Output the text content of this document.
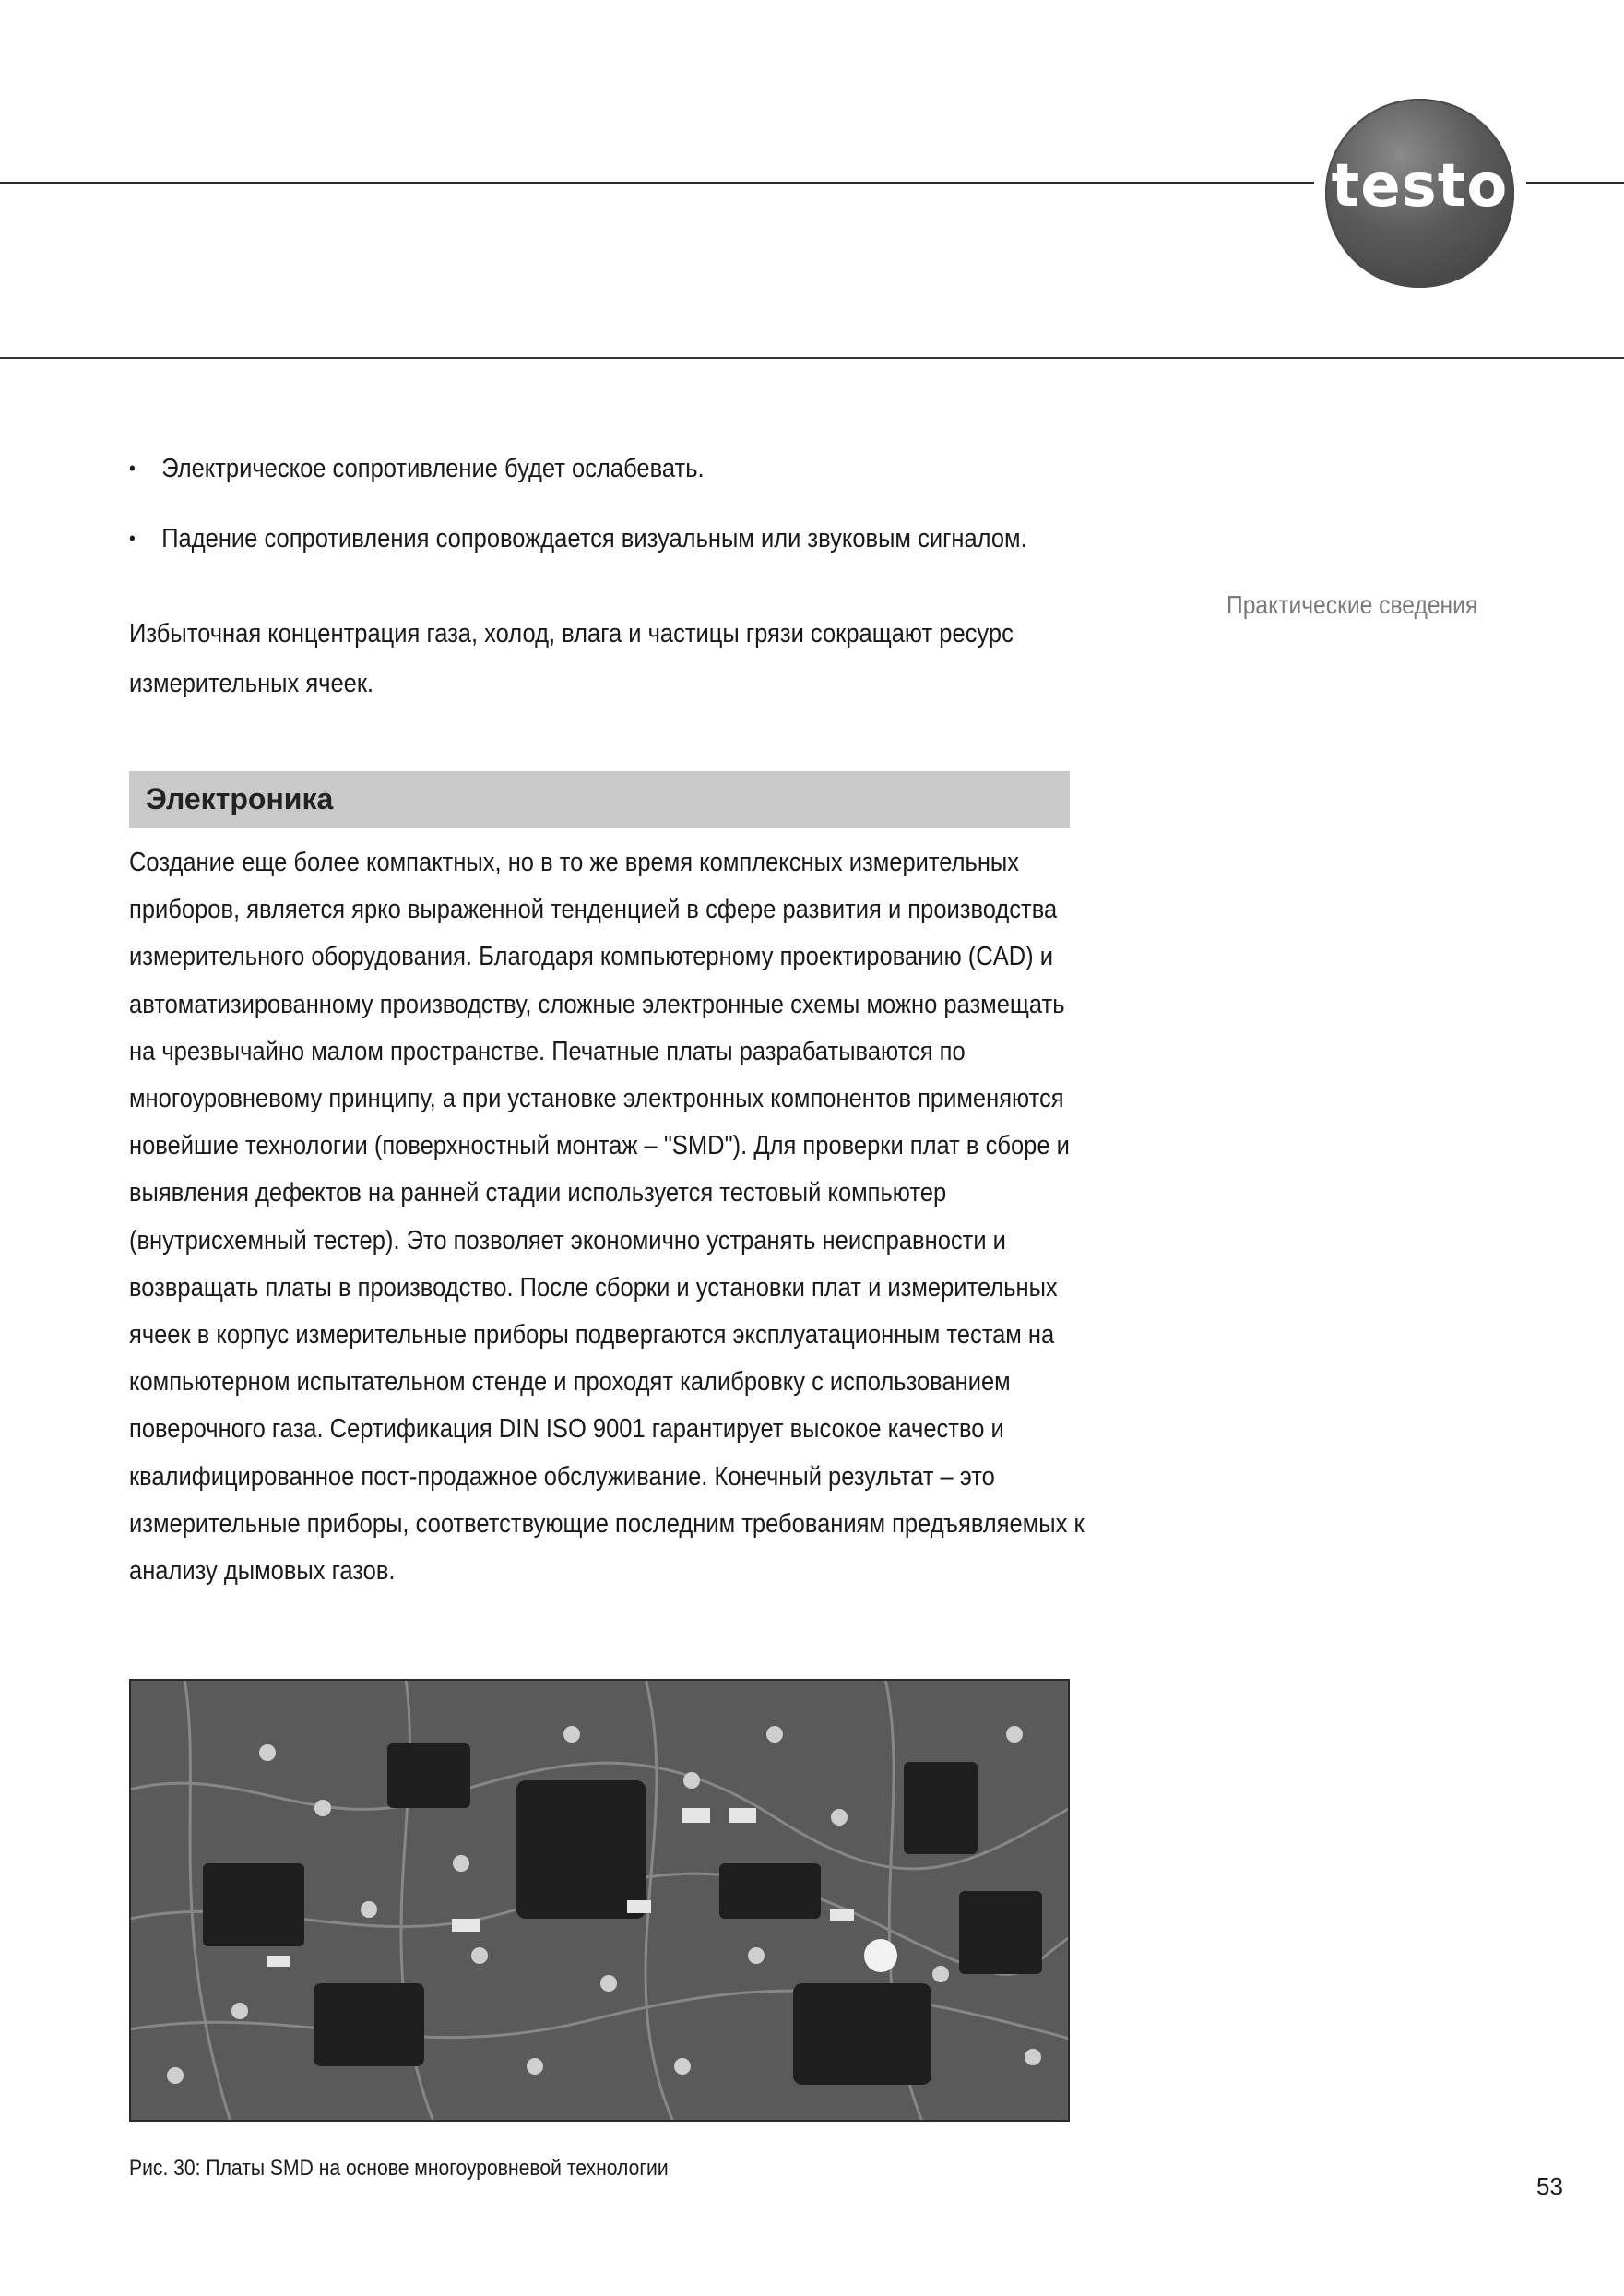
testo
• Электрическое сопротивление будет ослабевать.
• Падение сопротивления сопровождается визуальным или звуковым сигналом.
Избыточная концентрация газа, холод, влага и частицы грязи сокращают ресурс измерительных ячеек.
Практические сведения
Электроника

Создание еще более компактных, но в то же время комплексных измерительных приборов, является ярко выраженной тенденцией в сфере развития и производства измерительного оборудования. Благодаря компьютерному проектированию (CAD) и автоматизированному производству, сложные электронные схемы можно размещать на чрезвычайно малом пространстве. Печатные платы разрабатываются по многоуровневому принципу, а при установке электронных компонентов применяются новейшие технологии (поверхностный монтаж – "SMD"). Для проверки плат в сборе и выявления дефектов на ранней стадии используется тестовый компьютер (внутрисхемный тестер). Это позволяет экономично устранять неисправности и возвращать платы в производство. После сборки и установки плат и измерительных ячеек в корпус измерительные приборы подвергаются эксплуатационным тестам на компьютерном испытательном стенде и проходят калибровку с использованием поверочного газа. Сертификация DIN ISO 9001 гарантирует высокое качество и квалифицированное пост-продажное обслуживание. Конечный результат – это измерительные приборы, соответствующие последним требованиям предъявляемых к анализу дымовых газов.

Рис. 30: Платы SMD на основе многоуровневой технологии
53
